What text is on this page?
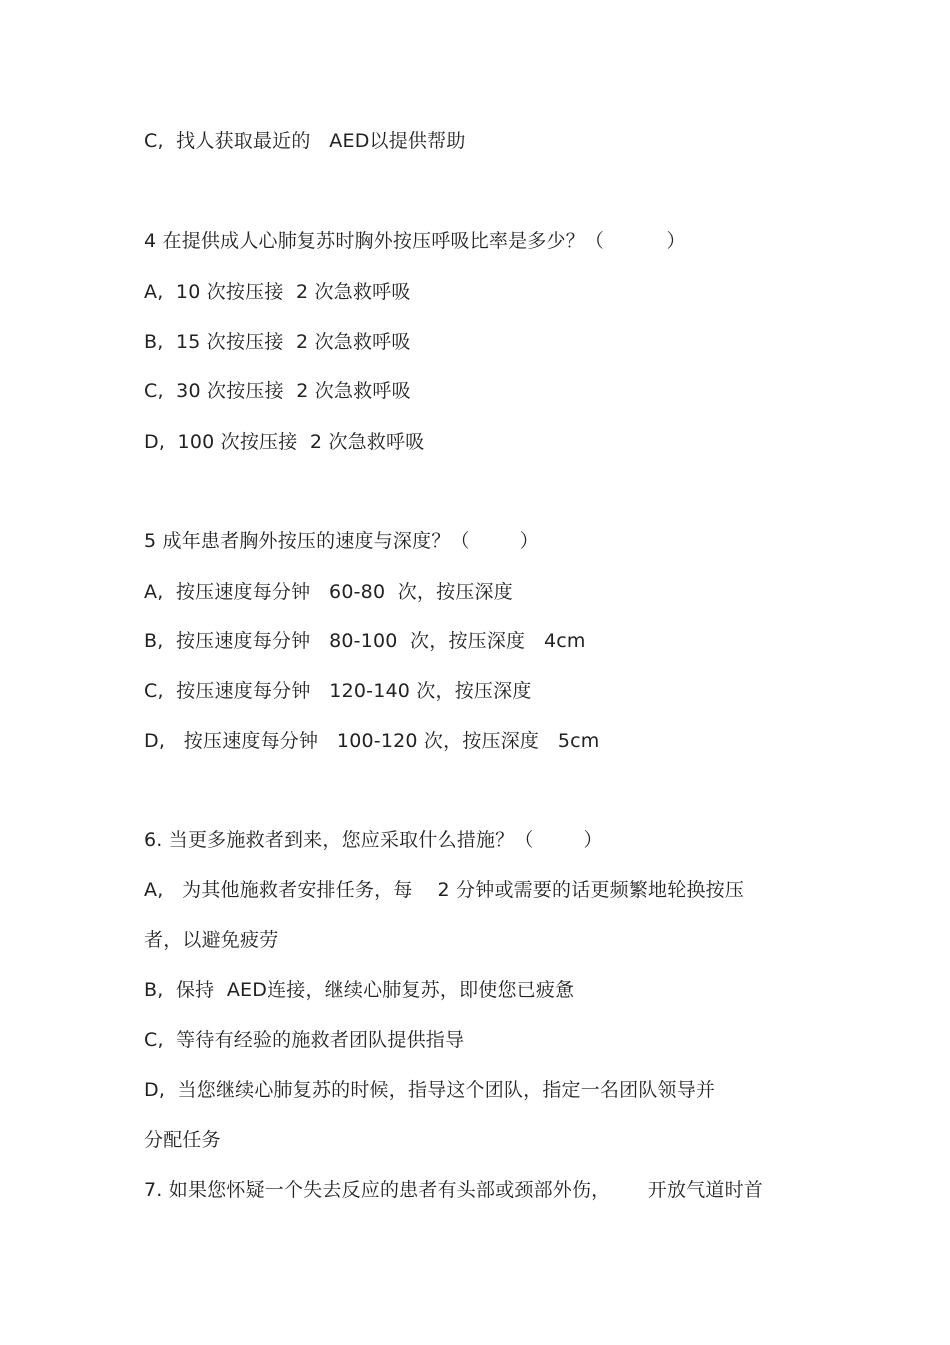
C,  找人获取最近的   AED以提供帮助
4 在提供成人心肺复苏时胸外按压呼吸比率是多少？（          ）
A,  10 次按压接  2 次急救呼吸
B,  15 次按压接  2 次急救呼吸
C,  30 次按压接  2 次急救呼吸
D,  100 次按压接  2 次急救呼吸
5 成年患者胸外按压的速度与深度？（        ）
A,  按压速度每分钟   60-80  次，按压深度
B,  按压速度每分钟   80-100  次，按压深度   4cm
C,  按压速度每分钟   120-140 次，按压深度
D,   按压速度每分钟   100-120 次，按压深度   5cm
6. 当更多施救者到来，您应采取什么措施？（        ）
A,   为其他施救者安排任务，每    2 分钟或需要的话更频繁地轮换按压
者，以避免疲劳
B,  保持  AED连接，继续心肺复苏，即使您已疲惫
C,  等待有经验的施救者团队提供指导
D,  当您继续心肺复苏的时候，指导这个团队，指定一名团队领导并
分配任务
7. 如果您怀疑一个失去反应的患者有头部或颈部外伤，      开放气道时首
